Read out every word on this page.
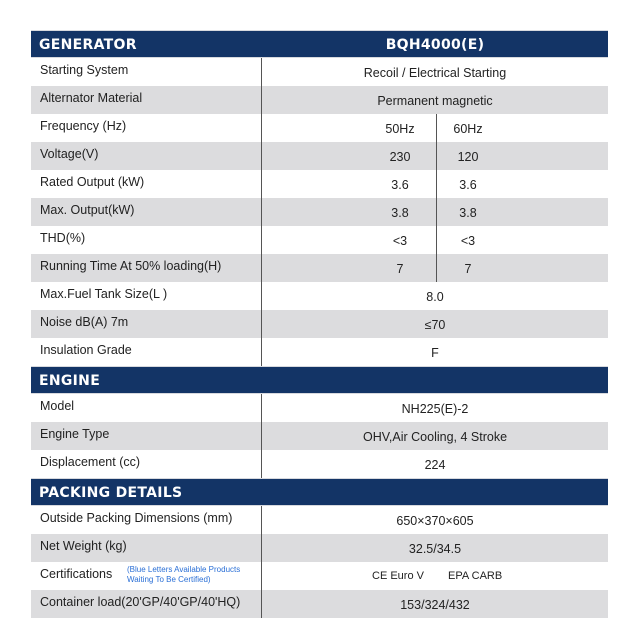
GENERATOR	BQH4000(E)
Starting System	Recoil / Electrical Starting
Alternator Material	Permanent magnetic
Frequency (Hz)	50Hz	60Hz
Voltage(V)	230	120
Rated Output (kW)	3.6	3.6
Max. Output(kW)	3.8	3.8
THD(%)	<3	<3
Running Time At 50% loading(H)	7	7
Max.Fuel Tank Size(L )	8.0
Noise dB(A) 7m	≤70
Insulation Grade	F
ENGINE
Model	NH225(E)-2
Engine Type	OHV,Air Cooling, 4 Stroke
Displacement (cc)	224
PACKING DETAILS
Outside Packing Dimensions (mm)	650×370×605
Net Weight (kg)	32.5/34.5
Certifications (Blue Letters Available Products
Waiting To Be Certified)	CE Euro V EPA CARB
Container load(20'GP/40'GP/40'HQ)	153/324/432
